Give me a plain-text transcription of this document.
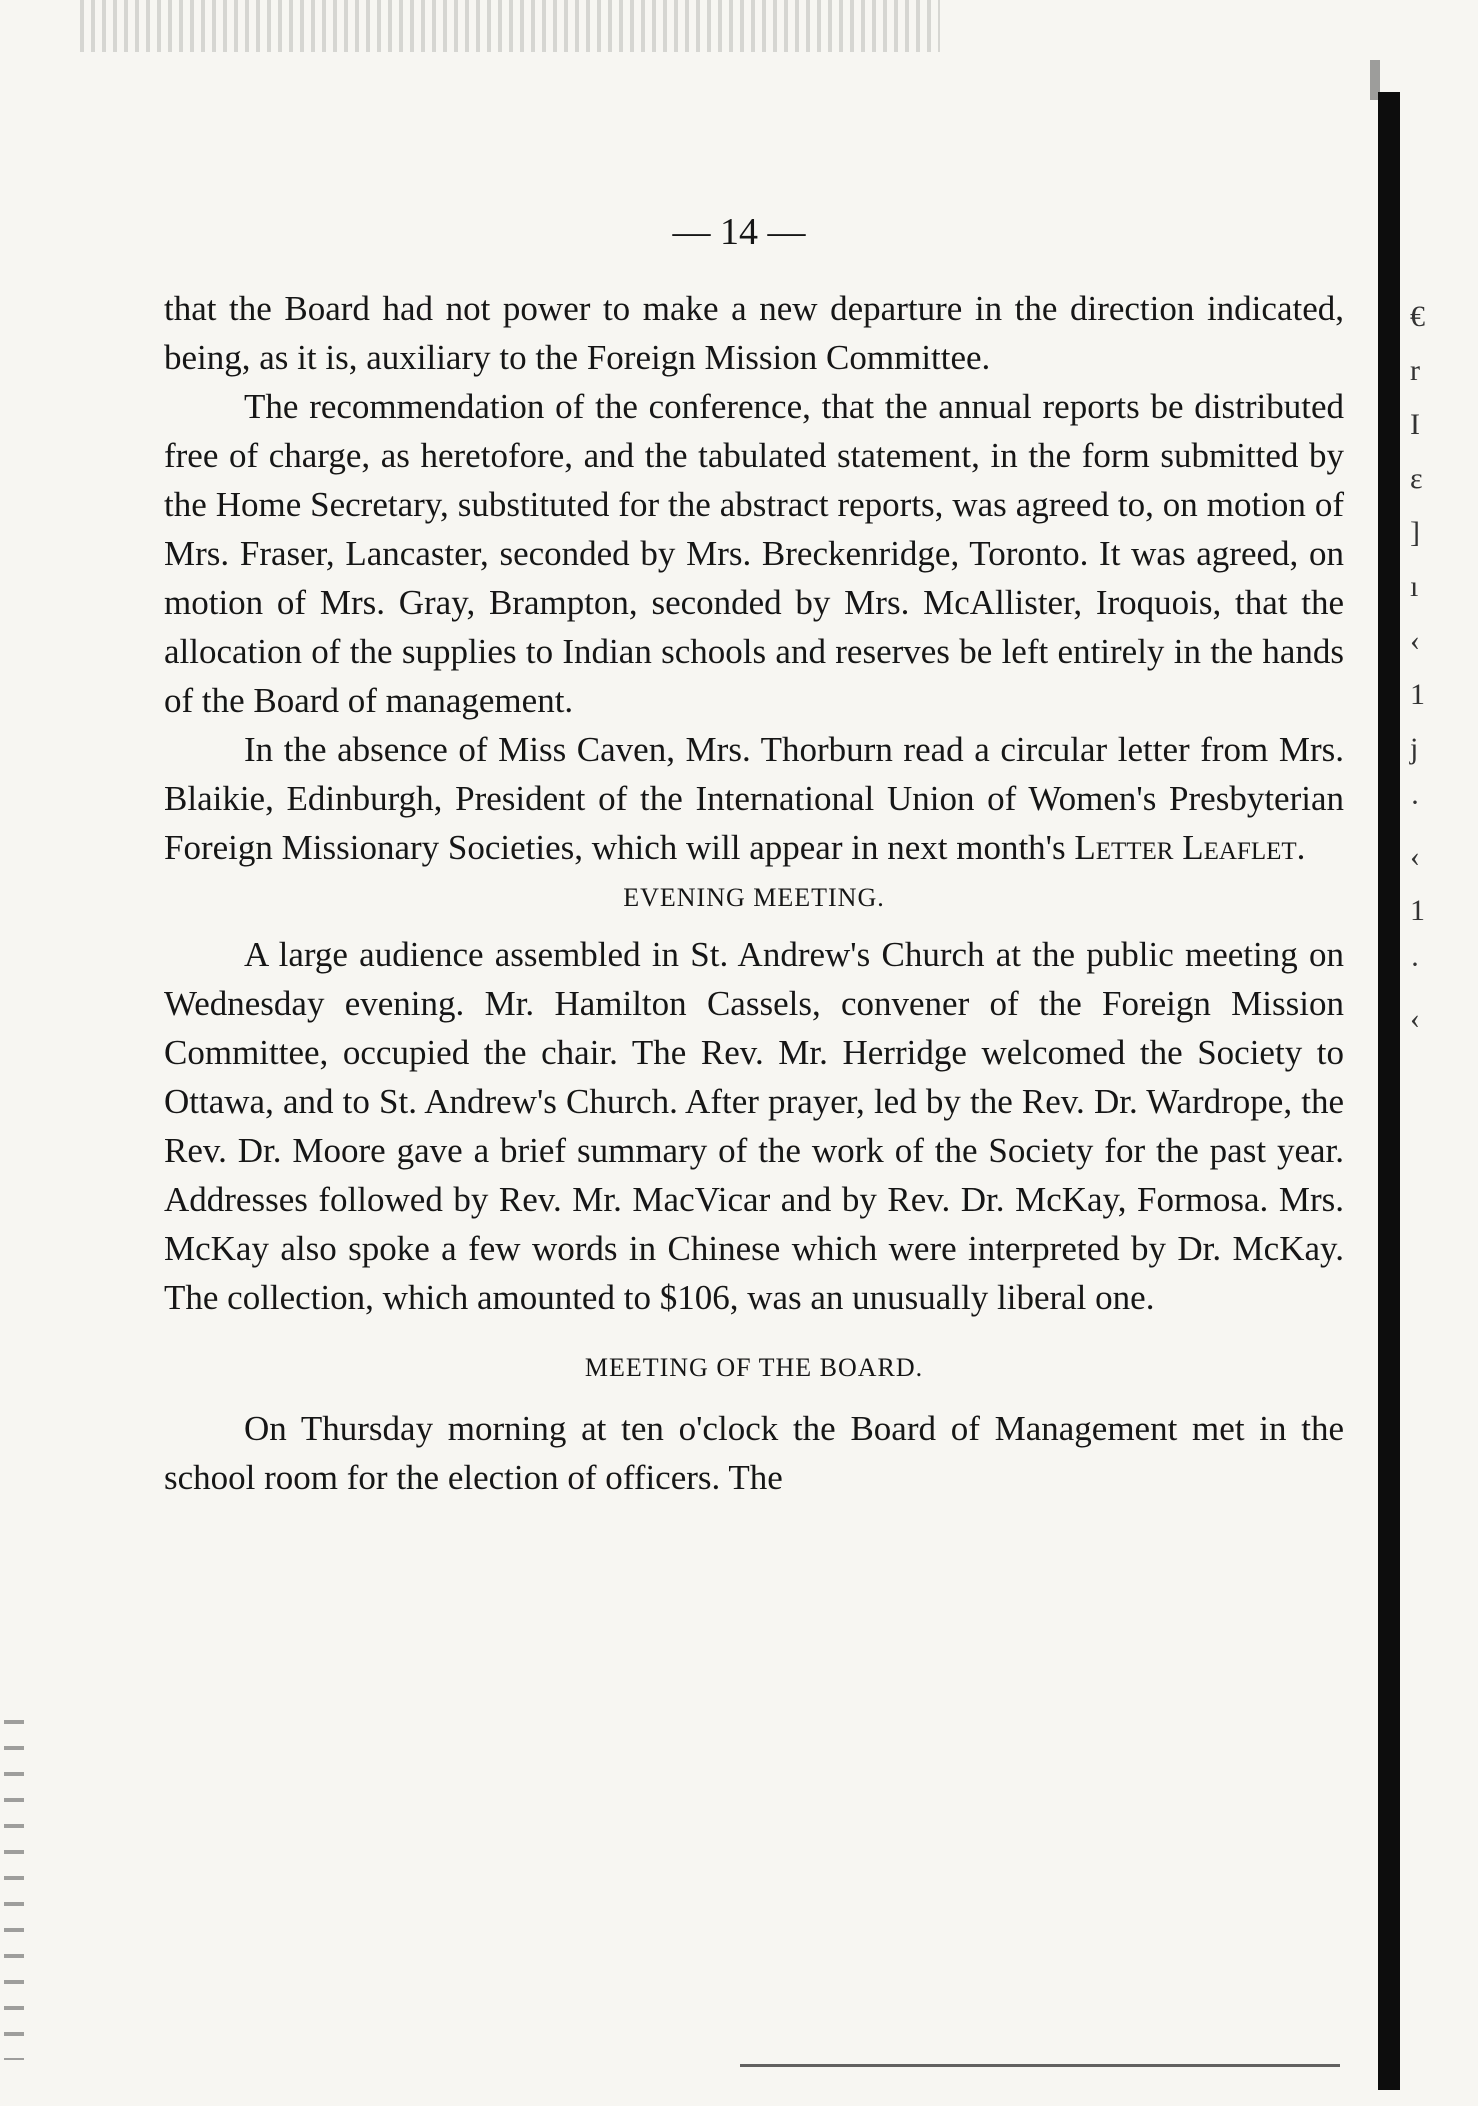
€
r
I
ε
]
ı
‹
1
j
·
‹
1
·
‹
— 14 —

that the Board had not power to make a new departure in the direction indicated, being, as it is, auxiliary to the Foreign Mission Committee.

The recommendation of the conference, that the annual reports be distributed free of charge, as heretofore, and the tabulated statement, in the form submitted by the Home Secretary, substituted for the abstract reports, was agreed to, on motion of Mrs. Fraser, Lancaster, seconded by Mrs. Breckenridge, Toronto. It was agreed, on motion of Mrs. Gray, Brampton, seconded by Mrs. McAllister, Iroquois, that the allocation of the supplies to Indian schools and reserves be left entirely in the hands of the Board of management.

In the absence of Miss Caven, Mrs. Thorburn read a circular letter from Mrs. Blaikie, Edinburgh, President of the International Union of Women's Presbyterian Foreign Missionary Societies, which will appear in next month's Letter Leaflet.

EVENING MEETING.

A large audience assembled in St. Andrew's Church at the public meeting on Wednesday evening. Mr. Hamilton Cassels, convener of the Foreign Mission Committee, occupied the chair. The Rev. Mr. Herridge welcomed the Society to Ottawa, and to St. Andrew's Church. After prayer, led by the Rev. Dr. Wardrope, the Rev. Dr. Moore gave a brief summary of the work of the Society for the past year. Addresses followed by Rev. Mr. MacVicar and by Rev. Dr. McKay, Formosa. Mrs. McKay also spoke a few words in Chinese which were interpreted by Dr. McKay. The collection, which amounted to $106, was an unusually liberal one.

MEETING OF THE BOARD.

On Thursday morning at ten o'clock the Board of Management met in the school room for the election of officers. The
